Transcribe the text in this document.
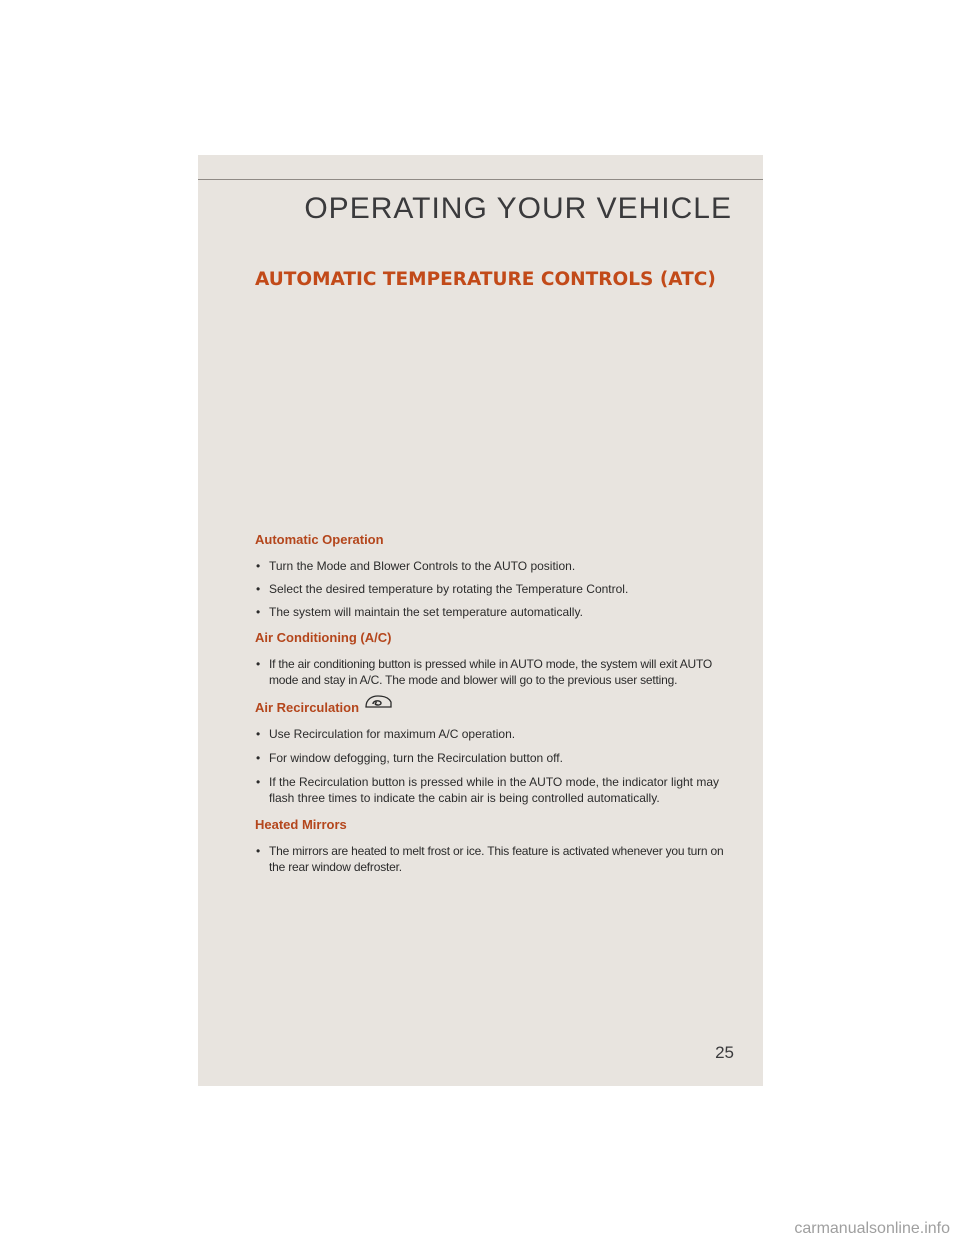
OPERATING YOUR VEHICLE
AUTOMATIC TEMPERATURE CONTROLS (ATC)
Automatic Operation
• Turn the Mode and Blower Controls to the AUTO position.
• Select the desired temperature by rotating the Temperature Control.
• The system will maintain the set temperature automatically.
Air Conditioning (A/C)
• If the air conditioning button is pressed while in AUTO mode, the system will exit AUTO mode and stay in A/C. The mode and blower will go to the previous user setting.
Air Recirculation
• Use Recirculation for maximum A/C operation.
• For window defogging, turn the Recirculation button off.
• If the Recirculation button is pressed while in the AUTO mode, the indicator light may flash three times to indicate the cabin air is being controlled automatically.
Heated Mirrors
• The mirrors are heated to melt frost or ice. This feature is activated whenever you turn on the rear window defroster.
25
carmanualsonline.info
